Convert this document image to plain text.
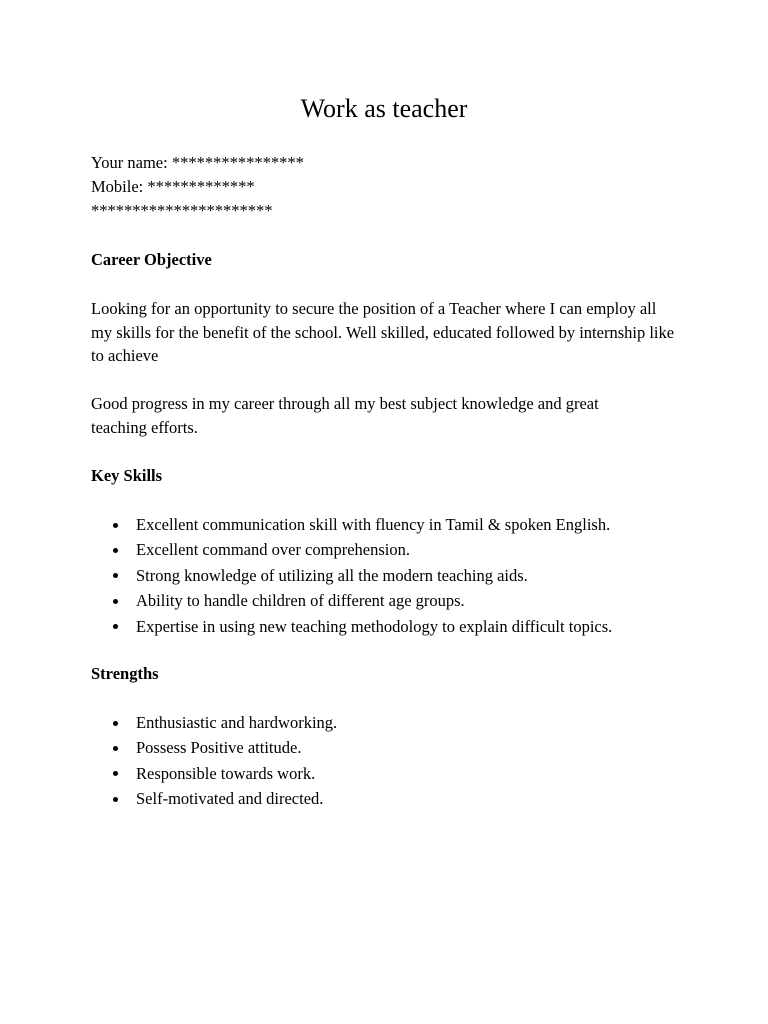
Work as teacher
Your name: ****************
Mobile: *************
**********************
Career Objective
Looking for an opportunity to secure the position of a Teacher where I can employ all my skills for the benefit of the school. Well skilled, educated followed by internship like to achieve
Good progress in my career through all my best subject knowledge and great teaching efforts.
Key Skills
Excellent communication skill with fluency in Tamil & spoken English.
Excellent command over comprehension.
Strong knowledge of utilizing all the modern teaching aids.
Ability to handle children of different age groups.
Expertise in using new teaching methodology to explain difficult topics.
Strengths
Enthusiastic and hardworking.
Possess Positive attitude.
Responsible towards work.
Self-motivated and directed.
